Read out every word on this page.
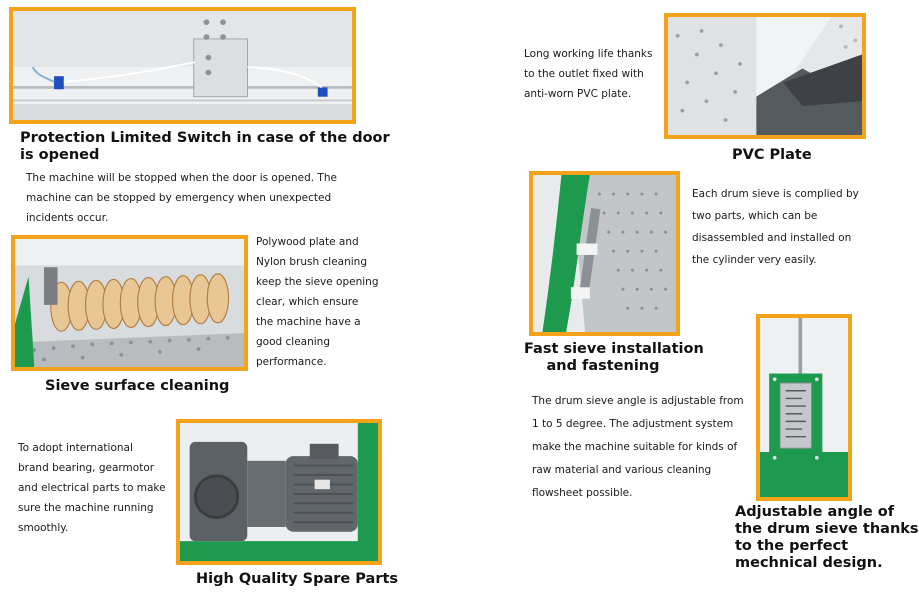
Protection Limited Switch in case of the door
is opened
The machine will be stopped when the door is opened. The
machine can be stopped by emergency when unexpected
incidents occur.
Sieve surface cleaning
Polywood plate and
Nylon brush cleaning
keep the sieve opening
clear, which ensure
the machine have a
good cleaning
performance.
High Quality Spare Parts
To adopt international
brand bearing, gearmotor
and electrical parts to make
sure the machine running
smoothly.
PVC Plate
Long working life thanks
to the outlet fixed with
anti-worn PVC plate.
Fast sieve installation
and fastening
Each drum sieve is complied by
two parts, which can be
disassembled and installed on
the cylinder very easily.
Adjustable angle of
the drum sieve thanks
to the perfect
mechnical design.
The drum sieve angle is adjustable from
1 to 5 degree. The adjustment system
make the machine suitable for kinds of
raw material and various cleaning
flowsheet possible.
